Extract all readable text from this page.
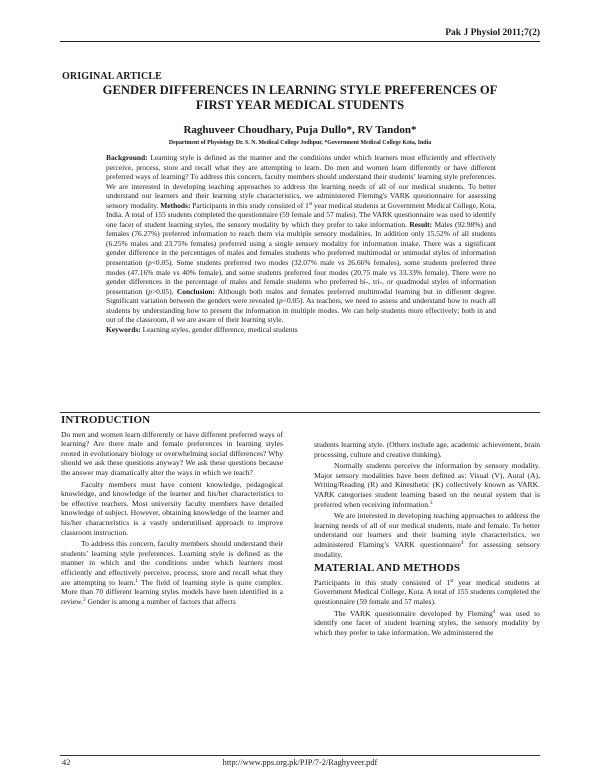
Pak J Physiol 2011;7(2)
ORIGINAL ARTICLE
GENDER DIFFERENCES IN LEARNING STYLE PREFERENCES OF
FIRST YEAR MEDICAL STUDENTS
Raghuveer Choudhary, Puja Dullo*, RV Tandon*
Department of Physiology Dr. S. N. Medical College Jodhpur, *Government Medical College Kota, India

Background: Learning style is defined as the manner and the conditions under which learners most efficiently and effectively perceive, process, store and recall what they are attempting to learn. Do men and women learn differently or have different preferred ways of learning? To address this concern, faculty members should understand their students’ learning style preferences. We are interested in developing teaching approaches to address the learning needs of all of our medical students. To better understand our learners and their learning style characteristics, we administered Fleming's VARK questionnaire for assessing sensory modality. Methods: Participants in this study consisted of 1st year medical students at Government Medical College, Kota, India. A total of 155 students completed the questionnaire (59 female and 57 males). The VARK questionnaire was used to identify one facet of student learning styles, the sensory modality by which they prefer to take information. Result: Males (92.98%) and females (76.27%) preferred information to reach them via multiple sensory modalities. In addition only 15.52% of all students (6.25% males and 23.75% females) preferred using a single sensory modality for information intake. There was a significant gender difference in the percentages of males and females students who preferred multimodal or unimodal styles of information presentation (p<0.05). Some students preferred two modes (32.07% male vs 26.66% females), some students preferred three modes (47.16% male vs 40% female), and some students preferred four modes (20.75 male vs 33.33% female). There were no gender differences in the percentage of males and female students who preferred bi-, tri-, or quadmodal styles of information presentation (p>0.05). Conclusion: Although both males and females preferred multimodal learning but in different degree. Significant variation between the genders were revealed (p<0.05). As teachers, we need to assess and understand how to reach all students by understanding how to present the information in multiple modes. We can help students more effectively; both in and out of the classroom, if we are aware of their learning style.

Keywords: Learning styles, gender difference, medical students

INTRODUCTION

Do men and women learn differently or have different preferred ways of learning? Are there male and female preferences in learning styles rooted in evolutionary biology or overwhelming social differences? Why should we ask these questions anyway? We ask these questions because the answer may dramatically alter the ways in which we teach?

Faculty members must have content knowledge, pedagogical knowledge, and knowledge of the learner and his/her characteristics to be effective teachers. Most university faculty members have detailed knowledge of subject. However, obtaining knowledge of the learner and his/her characteristics is a vastly underutilised approach to improve classroom instruction.

To address this concern, faculty members should understand their students’ learning style preferences. Learning style is defined as the manner in which and the conditions under which learners most efficiently and effectively perceive, process, store and recall what they are attempting to learn.$^1$ The field of learning style is quite complex. More than 70 different learning styles models have been identified in a review.$^2$ Gender is among a number of factors that affects

students learning style. (Others include age, academic achievement, brain processing, culture and creative thinking).

Normally students perceive the information by sensory modality. Major sensory modalities have been defined as: Visual (V), Aural (A), Writing/Reading (R) and Kinesthetic (K) collectively known as VARK. VARK categorises student learning based on the neural system that is preferred when receiving information.$^3$

We are interested in developing teaching approaches to address the learning needs of all of our medical students, male and female. To better understand our learners and their learning style characteristics, we administered Flaming’s VARK questionnaire$^4$ for assessing sensory modality.

MATERIAL AND METHODS

Participants in this study consisted of 1st year medical students at Government Medical College, Kota. A total of 155 students completed the questionnaire (59 female and 57 males).

The VARK questionnaire developed by Fleming$^4$ was used to identify one facet of student learning styles, the sensory modality by which they prefer to take information. We administered the

42	http://www.pps.org.pk/PJP/7-2/Raghyveer.pdf
